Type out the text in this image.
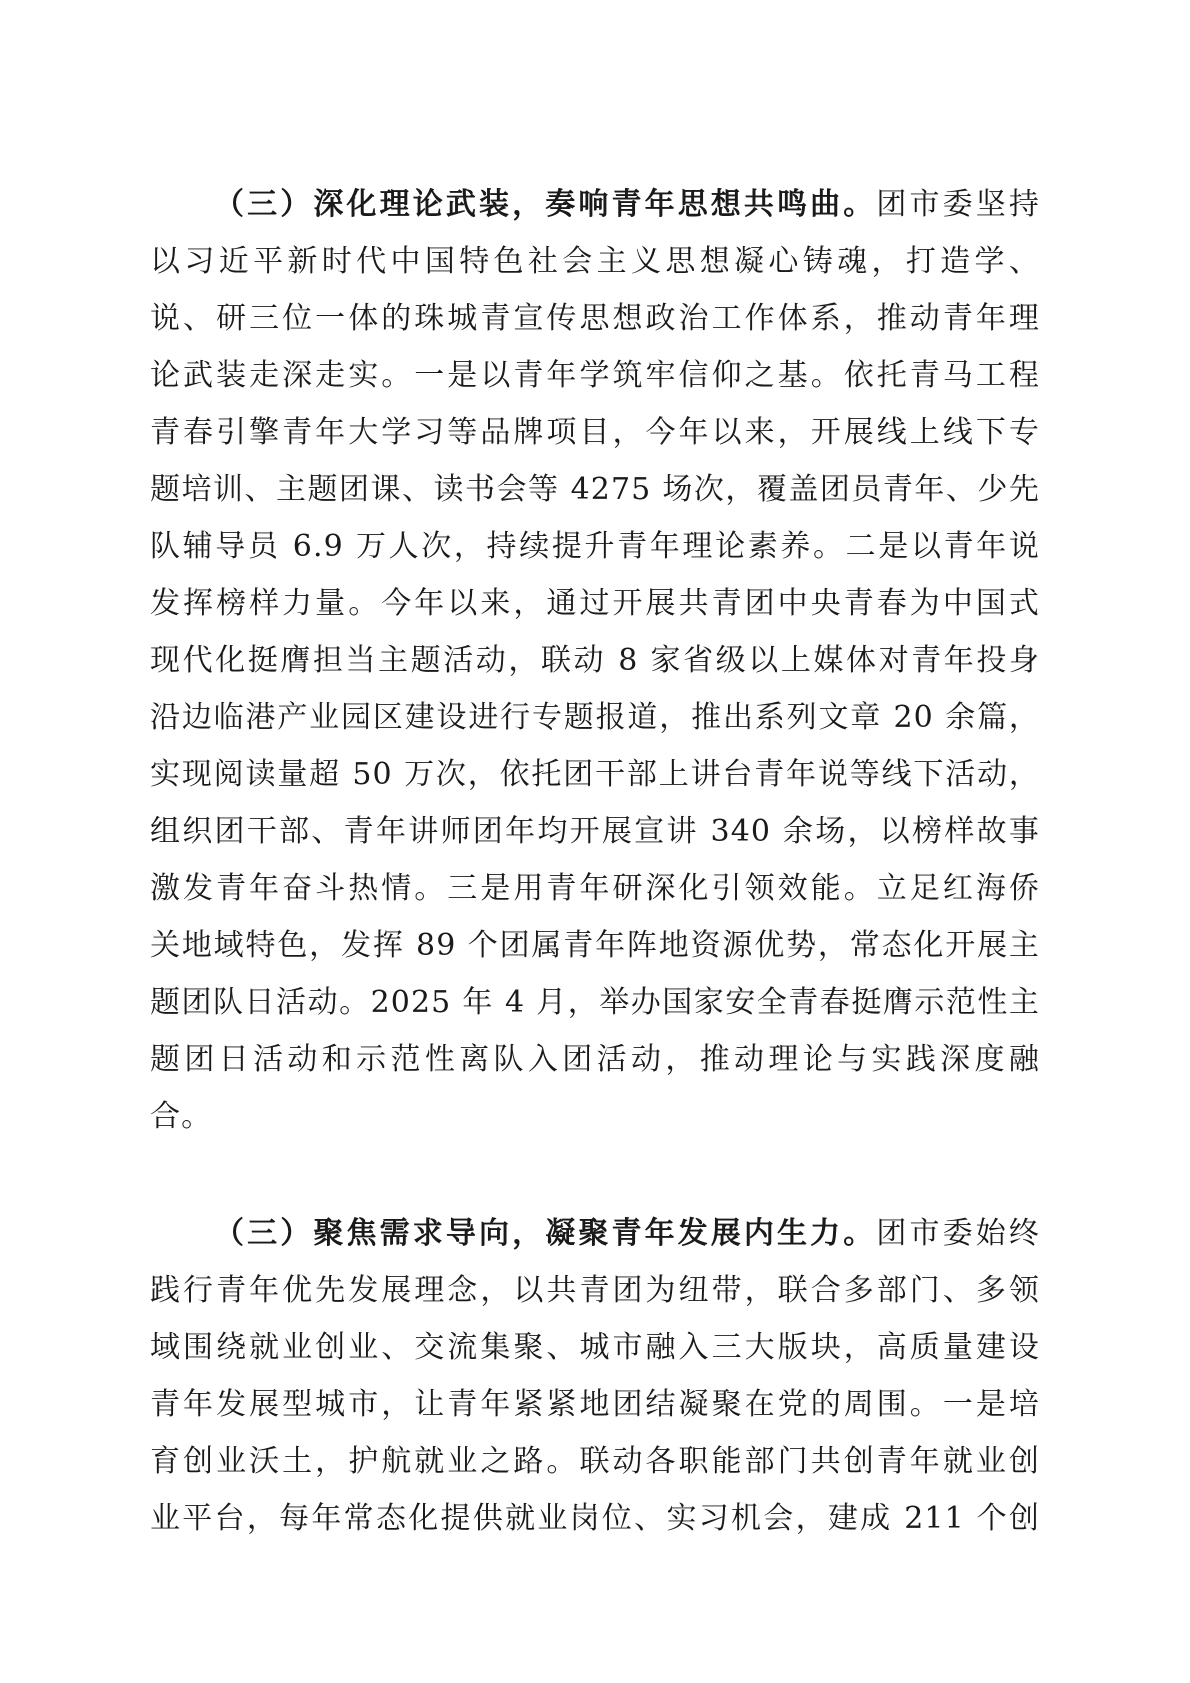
（三）深化理论武装，奏响青年思想共鸣曲。团市委坚持
以习近平新时代中国特色社会主义思想凝心铸魂，打造学、
说、研三位一体的珠城青宣传思想政治工作体系，推动青年理
论武装走深走实。一是以青年学筑牢信仰之基。依托青马工程
青春引擎青年大学习等品牌项目，今年以来，开展线上线下专
题培训、主题团课、读书会等 4275 场次，覆盖团员青年、少先
队辅导员 6.9 万人次，持续提升青年理论素养。二是以青年说
发挥榜样力量。今年以来，通过开展共青团中央青春为中国式
现代化挺膺担当主题活动，联动 8 家省级以上媒体对青年投身
沿边临港产业园区建设进行专题报道，推出系列文章 20 余篇，
实现阅读量超 50 万次，依托团干部上讲台青年说等线下活动，
组织团干部、青年讲师团年均开展宣讲 340 余场，以榜样故事
激发青年奋斗热情。三是用青年研深化引领效能。立足红海侨
关地域特色，发挥 89 个团属青年阵地资源优势，常态化开展主
题团队日活动。2025 年 4 月，举办国家安全青春挺膺示范性主
题团日活动和示范性离队入团活动，推动理论与实践深度融
合。
（三）聚焦需求导向，凝聚青年发展内生力。团市委始终
践行青年优先发展理念，以共青团为纽带，联合多部门、多领
域围绕就业创业、交流集聚、城市融入三大版块，高质量建设
青年发展型城市，让青年紧紧地团结凝聚在党的周围。一是培
育创业沃土，护航就业之路。联动各职能部门共创青年就业创
业平台，每年常态化提供就业岗位、实习机会，建成 211 个创
